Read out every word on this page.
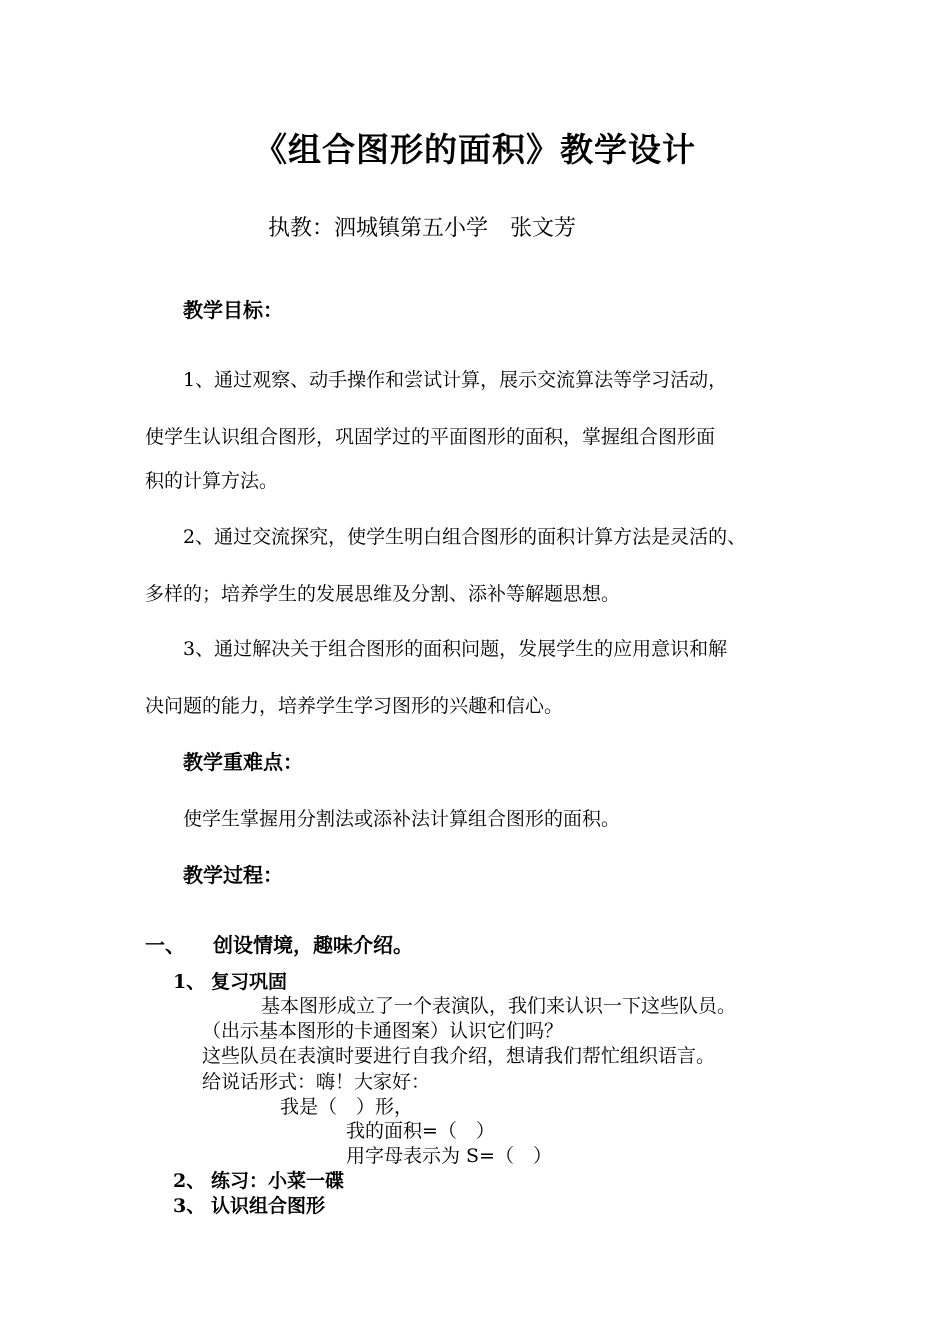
《组合图形的面积》教学设计
执教：泗城镇第五小学　张文芳
教学目标：
1、通过观察、动手操作和尝试计算，展示交流算法等学习活动，
使学生认识组合图形，巩固学过的平面图形的面积，掌握组合图形面
积的计算方法。
2、通过交流探究，使学生明白组合图形的面积计算方法是灵活的、
多样的；培养学生的发展思维及分割、添补等解题思想。
3、通过解决关于组合图形的面积问题，发展学生的应用意识和解
决问题的能力，培养学生学习图形的兴趣和信心。
教学重难点：
使学生掌握用分割法或添补法计算组合图形的面积。
教学过程：
一、 创设情境，趣味介绍。
1、 复习巩固
基本图形成立了一个表演队，我们来认识一下这些队员。
（出示基本图形的卡通图案）认识它们吗？
这些队员在表演时要进行自我介绍，想请我们帮忙组织语言。
给说话形式：嗨！大家好：
我是（　）形，
我的面积=（　）
用字母表示为 S=（　）
2、 练习：小菜一碟
3、 认识组合图形
